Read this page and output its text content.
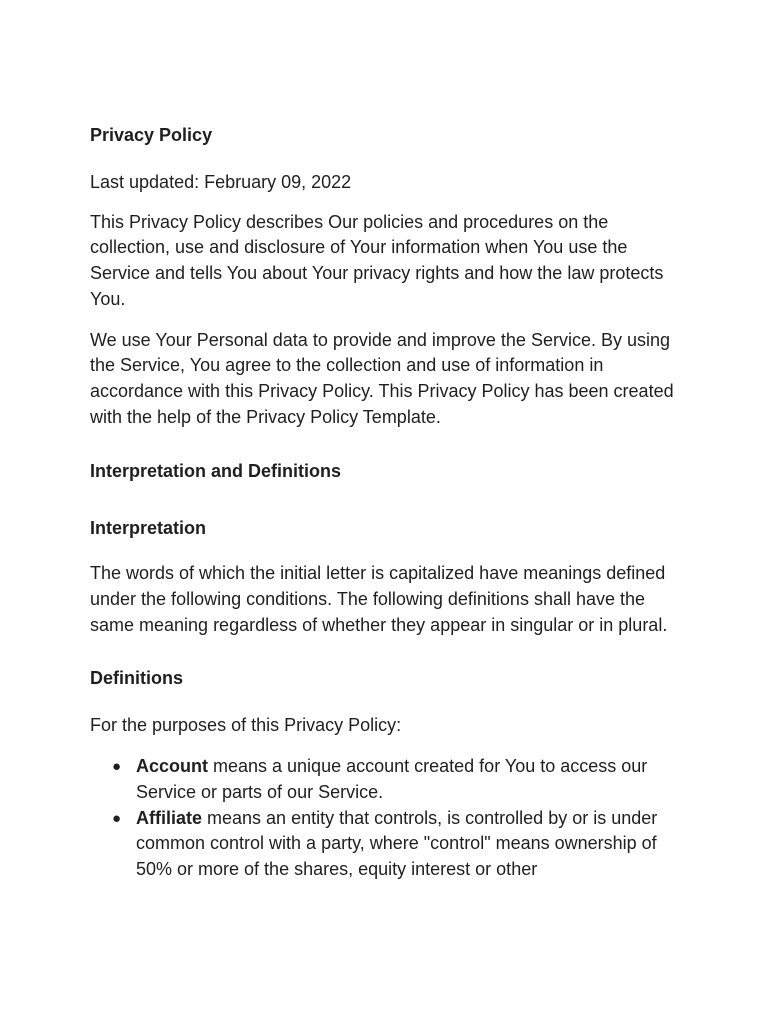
Privacy Policy

Last updated: February 09, 2022

This Privacy Policy describes Our policies and procedures on the collection, use and disclosure of Your information when You use the Service and tells You about Your privacy rights and how the law protects You.

We use Your Personal data to provide and improve the Service. By using the Service, You agree to the collection and use of information in accordance with this Privacy Policy. This Privacy Policy has been created with the help of the Privacy Policy Template.

Interpretation and Definitions
Interpretation

The words of which the initial letter is capitalized have meanings defined under the following conditions. The following definitions shall have the same meaning regardless of whether they appear in singular or in plural.

Definitions

For the purposes of this Privacy Policy:

● Account means a unique account created for You to access our Service or parts of our Service.
● Affiliate means an entity that controls, is controlled by or is under common control with a party, where "control" means ownership of 50% or more of the shares, equity interest or other
